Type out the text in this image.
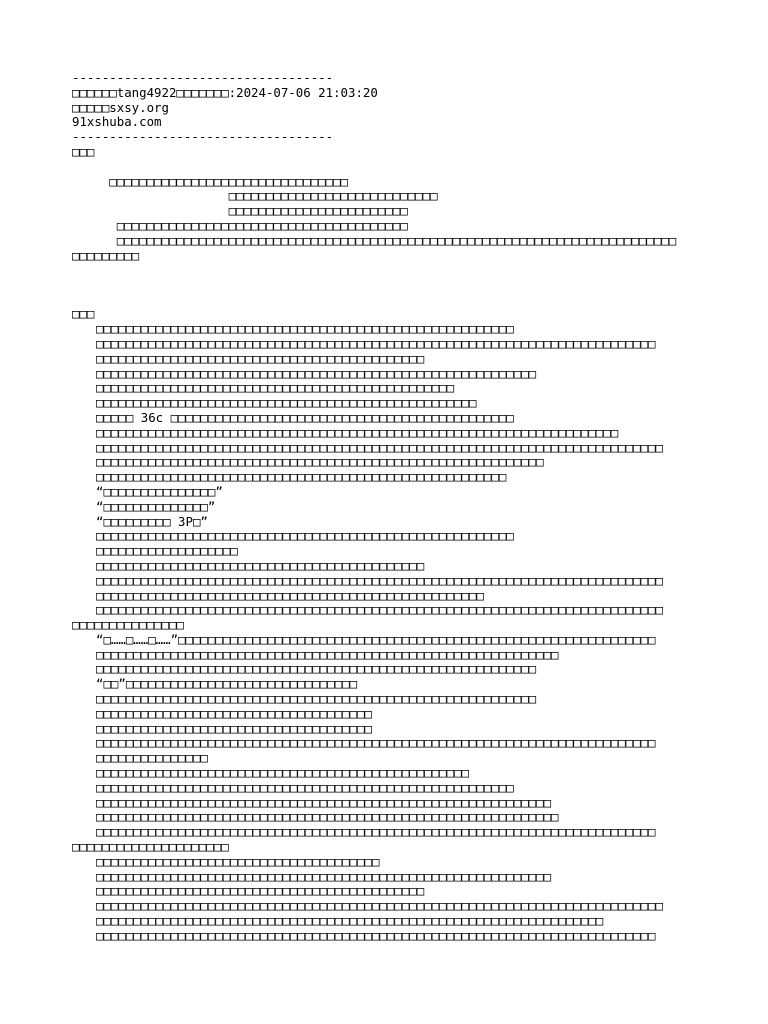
-----------------------------------
□□□□□□tang4922□□□□□□□:2024-07-06 21:03:20
□□□□□sxsy.org
91xshuba.com
-----------------------------------
□□□
□□□□□□□□□□□□□□□□□□□□□□□□□□□□□□□□
□□□□□□□□□□□□□□□□□□□□□□□□□□□□
□□□□□□□□□□□□□□□□□□□□□□□□
□□□□□□□□□□□□□□□□□□□□□□□□□□□□□□□□□□□□□□□
□□□□□□□□□□□□□□□□□□□□□□□□□□□□□□□□□□□□□□□□□□□□□□□□□□□□□□□□□□□□□□□□□□□□□□□□□□□
□□□□□□□□□
□□□
□□□□□□□□□□□□□□□□□□□□□□□□□□□□□□□□□□□□□□□□□□□□□□□□□□□□□□□□
□□□□□□□□□□□□□□□□□□□□□□□□□□□□□□□□□□□□□□□□□□□□□□□□□□□□□□□□□□□□□□□□□□□□□□□□□□□
□□□□□□□□□□□□□□□□□□□□□□□□□□□□□□□□□□□□□□□□□□□□
□□□□□□□□□□□□□□□□□□□□□□□□□□□□□□□□□□□□□□□□□□□□□□□□□□□□□□□□□□□
□□□□□□□□□□□□□□□□□□□□□□□□□□□□□□□□□□□□□□□□□□□□□□□□
□□□□□□□□□□□□□□□□□□□□□□□□□□□□□□□□□□□□□□□□□□□□□□□□□□□
□□□□□ 36c □□□□□□□□□□□□□□□□□□□□□□□□□□□□□□□□□□□□□□□□□□□□□□
□□□□□□□□□□□□□□□□□□□□□□□□□□□□□□□□□□□□□□□□□□□□□□□□□□□□□□□□□□□□□□□□□□□□□□
□□□□□□□□□□□□□□□□□□□□□□□□□□□□□□□□□□□□□□□□□□□□□□□□□□□□□□□□□□□□□□□□□□□□□□□□□□□□
□□□□□□□□□□□□□□□□□□□□□□□□□□□□□□□□□□□□□□□□□□□□□□□□□□□□□□□□□□□□
□□□□□□□□□□□□□□□□□□□□□□□□□□□□□□□□□□□□□□□□□□□□□□□□□□□□□□□
“□□□□□□□□□□□□□□□”
“□□□□□□□□□□□□□□”
“□□□□□□□□□ 3P□”
□□□□□□□□□□□□□□□□□□□□□□□□□□□□□□□□□□□□□□□□□□□□□□□□□□□□□□□□
□□□□□□□□□□□□□□□□□□□
□□□□□□□□□□□□□□□□□□□□□□□□□□□□□□□□□□□□□□□□□□□□
□□□□□□□□□□□□□□□□□□□□□□□□□□□□□□□□□□□□□□□□□□□□□□□□□□□□□□□□□□□□□□□□□□□□□□□□□□□□
□□□□□□□□□□□□□□□□□□□□□□□□□□□□□□□□□□□□□□□□□□□□□□□□□□□□
□□□□□□□□□□□□□□□□□□□□□□□□□□□□□□□□□□□□□□□□□□□□□□□□□□□□□□□□□□□□□□□□□□□□□□□□□□□□
□□□□□□□□□□□□□□□
“□……□……□……”□□□□□□□□□□□□□□□□□□□□□□□□□□□□□□□□□□□□□□□□□□□□□□□□□□□□□□□□□□□□□□□□
□□□□□□□□□□□□□□□□□□□□□□□□□□□□□□□□□□□□□□□□□□□□□□□□□□□□□□□□□□□□□□
□□□□□□□□□□□□□□□□□□□□□□□□□□□□□□□□□□□□□□□□□□□□□□□□□□□□□□□□□□□
“□□”□□□□□□□□□□□□□□□□□□□□□□□□□□□□□□□
□□□□□□□□□□□□□□□□□□□□□□□□□□□□□□□□□□□□□□□□□□□□□□□□□□□□□□□□□□□
□□□□□□□□□□□□□□□□□□□□□□□□□□□□□□□□□□□□□
□□□□□□□□□□□□□□□□□□□□□□□□□□□□□□□□□□□□□
□□□□□□□□□□□□□□□□□□□□□□□□□□□□□□□□□□□□□□□□□□□□□□□□□□□□□□□□□□□□□□□□□□□□□□□□□□□
□□□□□□□□□□□□□□□
□□□□□□□□□□□□□□□□□□□□□□□□□□□□□□□□□□□□□□□□□□□□□□□□□□
□□□□□□□□□□□□□□□□□□□□□□□□□□□□□□□□□□□□□□□□□□□□□□□□□□□□□□□□
□□□□□□□□□□□□□□□□□□□□□□□□□□□□□□□□□□□□□□□□□□□□□□□□□□□□□□□□□□□□□
□□□□□□□□□□□□□□□□□□□□□□□□□□□□□□□□□□□□□□□□□□□□□□□□□□□□□□□□□□□□□□
□□□□□□□□□□□□□□□□□□□□□□□□□□□□□□□□□□□□□□□□□□□□□□□□□□□□□□□□□□□□□□□□□□□□□□□□□□□
□□□□□□□□□□□□□□□□□□□□□
□□□□□□□□□□□□□□□□□□□□□□□□□□□□□□□□□□□□□□
□□□□□□□□□□□□□□□□□□□□□□□□□□□□□□□□□□□□□□□□□□□□□□□□□□□□□□□□□□□□□
□□□□□□□□□□□□□□□□□□□□□□□□□□□□□□□□□□□□□□□□□□□□
□□□□□□□□□□□□□□□□□□□□□□□□□□□□□□□□□□□□□□□□□□□□□□□□□□□□□□□□□□□□□□□□□□□□□□□□□□□□
□□□□□□□□□□□□□□□□□□□□□□□□□□□□□□□□□□□□□□□□□□□□□□□□□□□□□□□□□□□□□□□□□□□□
□□□□□□□□□□□□□□□□□□□□□□□□□□□□□□□□□□□□□□□□□□□□□□□□□□□□□□□□□□□□□□□□□□□□□□□□□□□
